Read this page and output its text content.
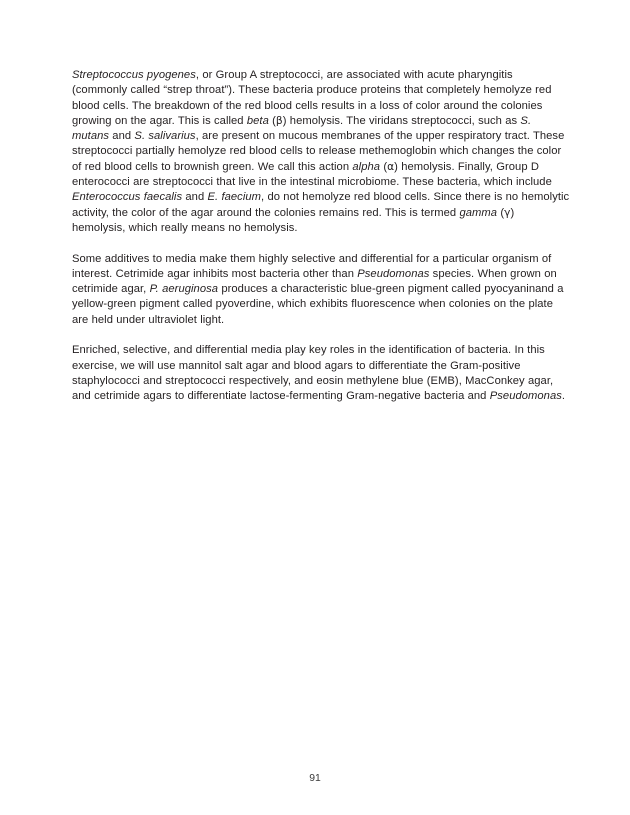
Streptococcus pyogenes, or Group A streptococci, are associated with acute pharyngitis (commonly called “strep throat”). These bacteria produce proteins that completely hemolyze red blood cells. The breakdown of the red blood cells results in a loss of color around the colonies growing on the agar. This is called beta (β) hemolysis. The viridans streptococci, such as S. mutans and S. salivarius, are present on mucous membranes of the upper respiratory tract. These streptococci partially hemolyze red blood cells to release methemoglobin which changes the color of red blood cells to brownish green. We call this action alpha (α) hemolysis. Finally, Group D enterococci are streptococci that live in the intestinal microbiome. These bacteria, which include Enterococcus faecalis and E. faecium, do not hemolyze red blood cells. Since there is no hemolytic activity, the color of the agar around the colonies remains red. This is termed gamma (γ) hemolysis, which really means no hemolysis.

Some additives to media make them highly selective and differential for a particular organism of interest. Cetrimide agar inhibits most bacteria other than Pseudomonas species. When grown on cetrimide agar, P. aeruginosa produces a characteristic blue-green pigment called pyocyaninand a yellow-green pigment called pyoverdine, which exhibits fluorescence when colonies on the plate are held under ultraviolet light.

Enriched, selective, and differential media play key roles in the identification of bacteria. In this exercise, we will use mannitol salt agar and blood agars to differentiate the Gram-positive staphylococci and streptococci respectively, and eosin methylene blue (EMB), MacConkey agar, and cetrimide agars to differentiate lactose-fermenting Gram-negative bacteria and Pseudomonas.

91
